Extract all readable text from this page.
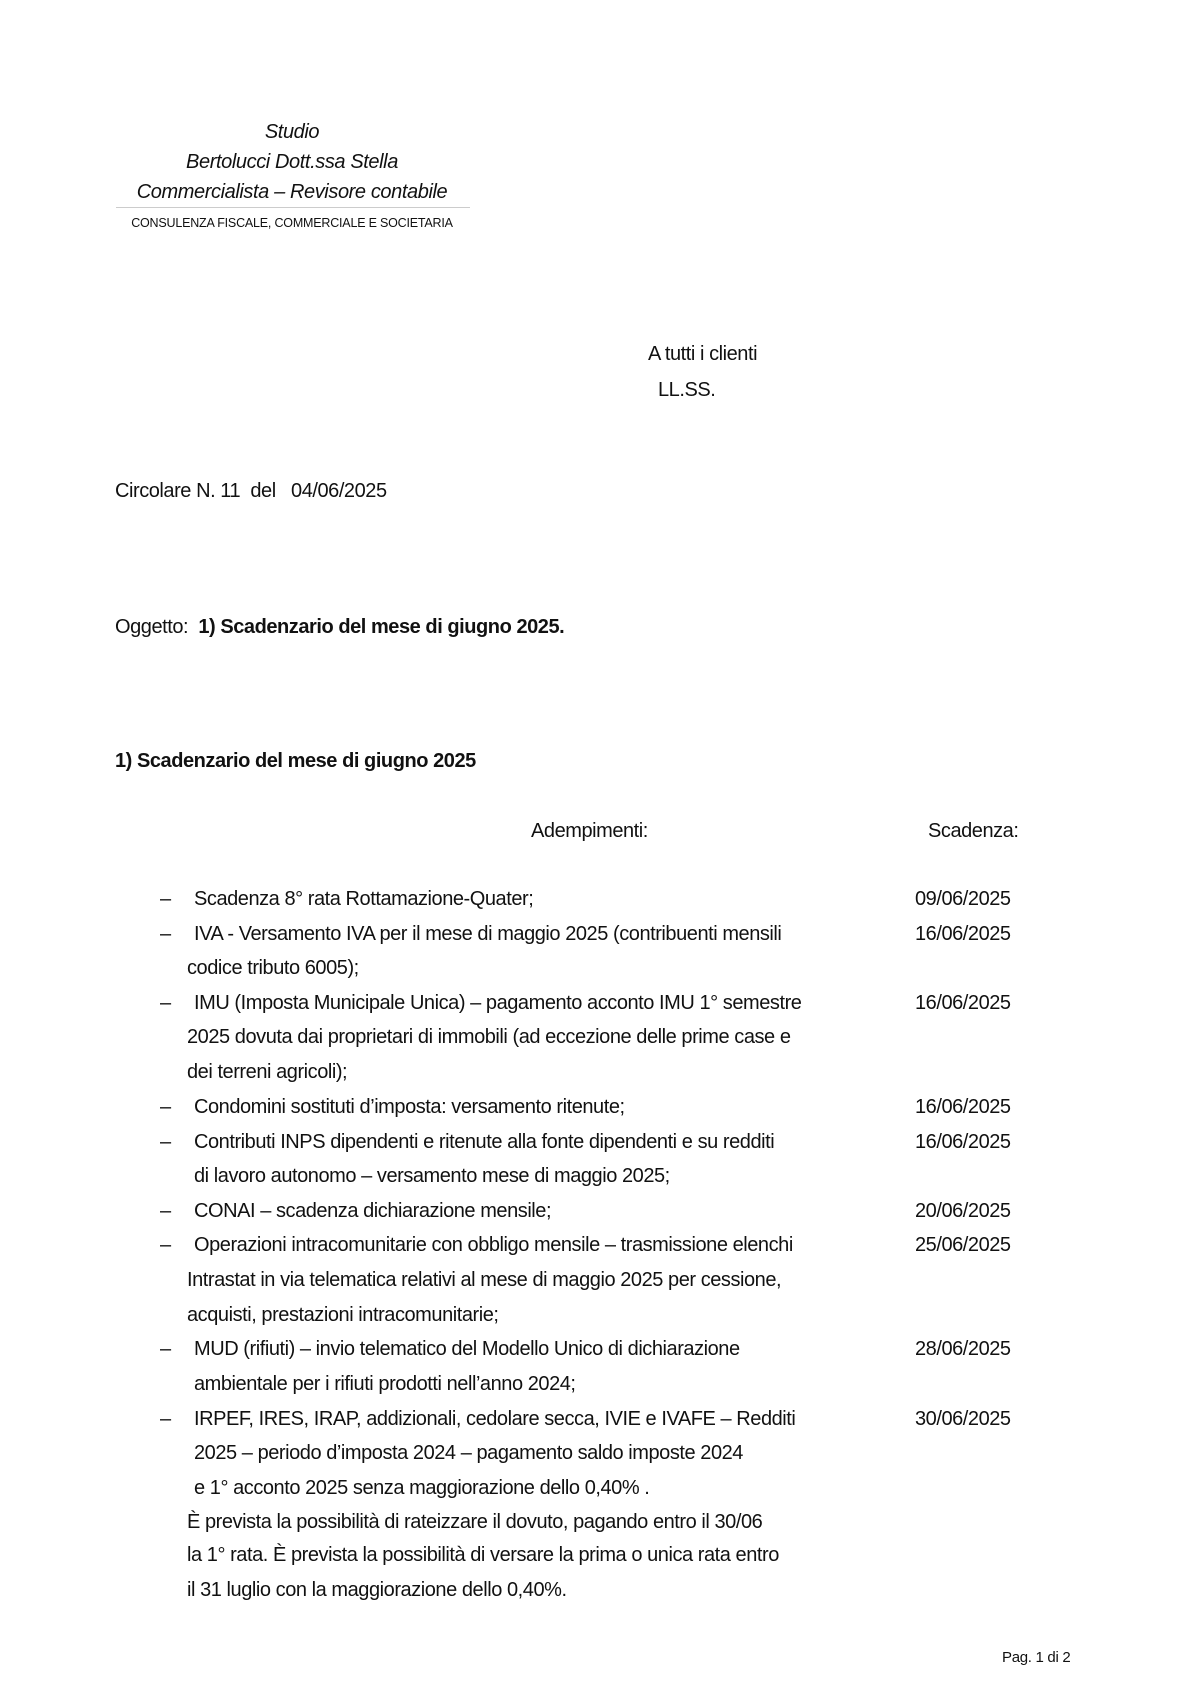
Studio
Bertolucci Dott.ssa Stella
Commercialista – Revisore contabile
CONSULENZA FISCALE, COMMERCIALE E SOCIETARIA
A tutti i clienti
LL.SS.
Circolare N. 11  del   04/06/2025
Oggetto: 1) Scadenzario del mese di giugno 2025.
1) Scadenzario del mese di giugno 2025
Adempimenti:	Scadenza:
– Scadenza 8° rata Rottamazione-Quater;	09/06/2025
– IVA - Versamento IVA per il mese di maggio 2025 (contribuenti mensili
codice tributo 6005);
16/06/2025
– IMU (Imposta Municipale Unica) – pagamento acconto IMU 1° semestre
2025 dovuta dai proprietari di immobili (ad eccezione delle prime case e
dei terreni agricoli);
16/06/2025
– Condomini sostituti d’imposta: versamento ritenute;	16/06/2025
– Contributi INPS dipendenti e ritenute alla fonte dipendenti e su redditi
di lavoro autonomo – versamento mese di maggio 2025;
16/06/2025
– CONAI – scadenza dichiarazione mensile;	20/06/2025
– Operazioni intracomunitarie con obbligo mensile – trasmissione elenchi
Intrastat in via telematica relativi al mese di maggio 2025 per cessione,
acquisti, prestazioni intracomunitarie;
25/06/2025
– MUD (rifiuti) – invio telematico del Modello Unico di dichiarazione
ambientale per i rifiuti prodotti nell’anno 2024;
28/06/2025
– IRPEF, IRES, IRAP, addizionali, cedolare secca, IVIE e IVAFE – Redditi
2025 – periodo d’imposta 2024 – pagamento saldo imposte 2024
e 1° acconto 2025 senza maggiorazione dello 0,40% .
È prevista la possibilità di rateizzare il dovuto, pagando entro il 30/06
la 1° rata. È prevista la possibilità di versare la prima o unica rata entro
il 31 luglio con la maggiorazione dello 0,40%.
30/06/2025
Pag. 1 di 2
